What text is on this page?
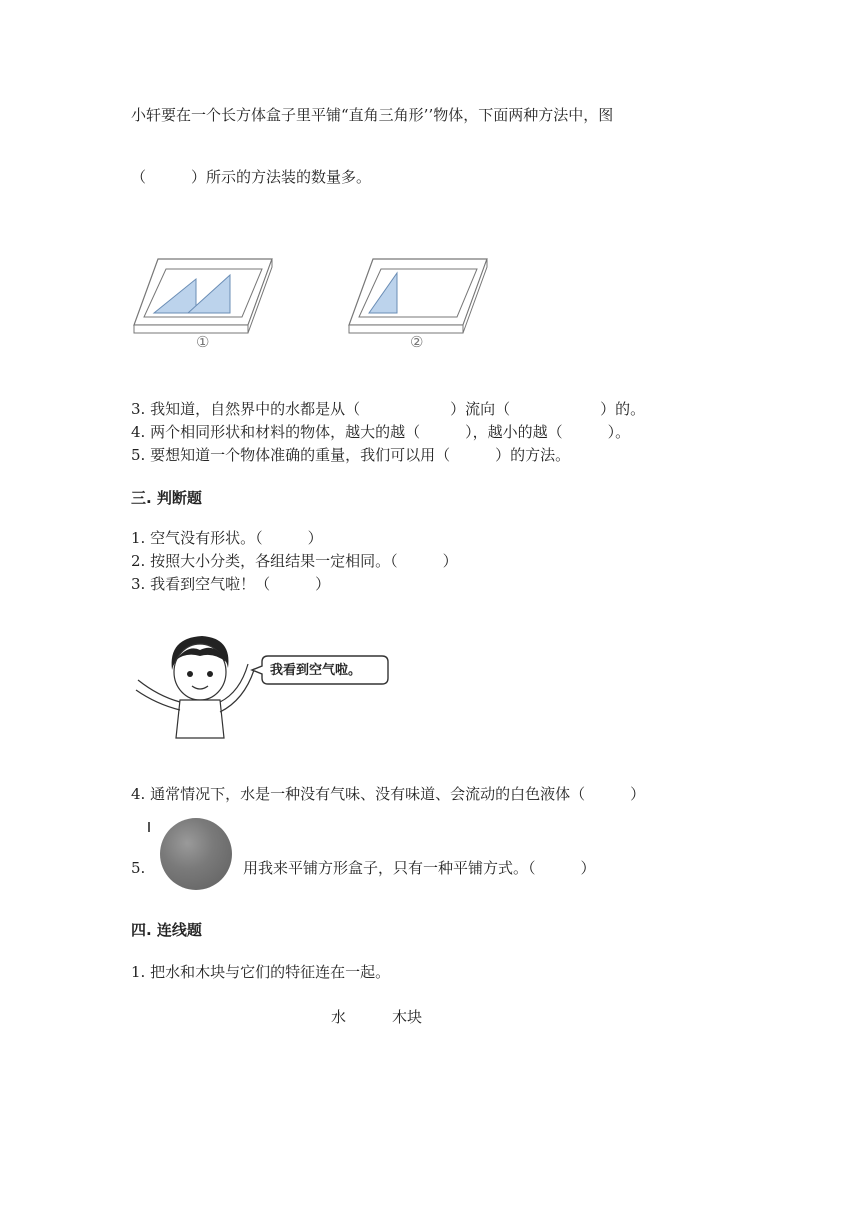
小轩要在一个长方体盒子里平铺“直角三角形’’物体，下面两种方法中，图
（　　　）所示的方法装的数量多。
①	②
3. 我知道，自然界中的水都是从（　　　　　　）流向（　　　　　　）的。
4. 两个相同形状和材料的物体，越大的越（　　　），越小的越（　　　）。
5. 要想知道一个物体准确的重量，我们可以用（　　　）的方法。
三. 判断题
1. 空气没有形状。（　　　）
2. 按照大小分类，各组结果一定相同。（　　　）
3. 我看到空气啦！（　　　）
我看到空气啦。
4. 通常情况下，水是一种没有气味、没有味道、会流动的白色液体（　　　）
5.	用我来平铺方形盒子，只有一种平铺方式。（　　　）
四. 连线题
1. 把水和木块与它们的特征连在一起。
水	木块
